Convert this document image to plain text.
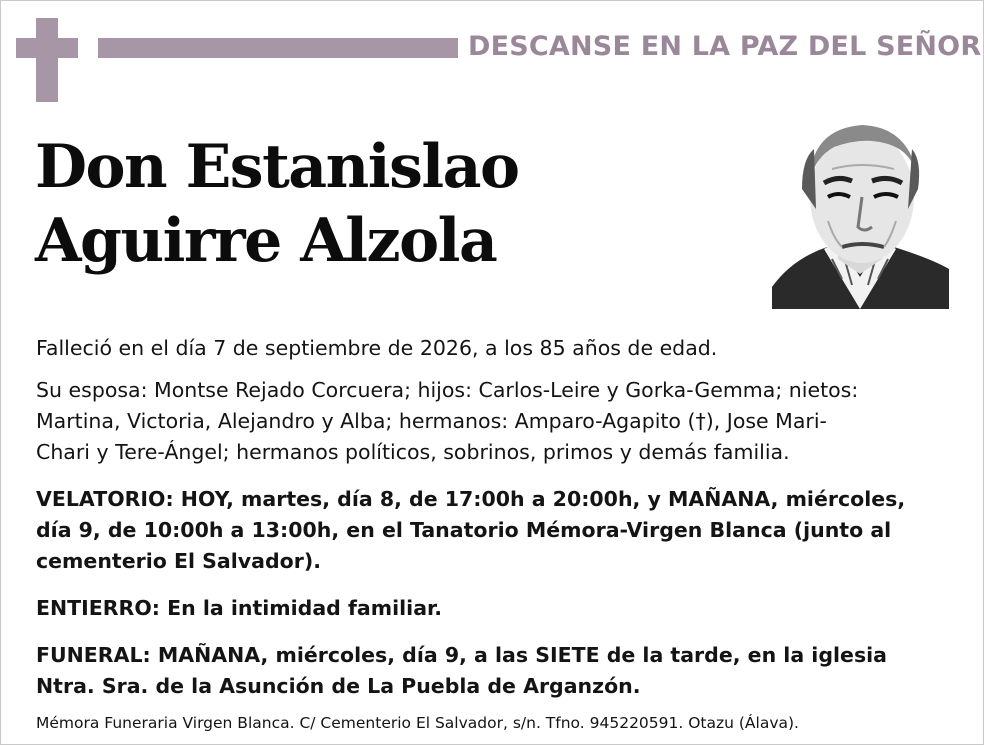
DESCANSE EN LA PAZ DEL SEÑOR
Don Estanislao
Aguirre Alzola
Falleció en el día 7 de septiembre de 2026, a los 85 años de edad.
Su esposa: Montse Rejado Corcuera; hijos: Carlos-Leire y Gorka-Gemma; nietos:
Martina, Victoria, Alejandro y Alba; hermanos: Amparo-Agapito (†), Jose Mari-
Chari y Tere-Ángel; hermanos políticos, sobrinos, primos y demás familia.
VELATORIO: HOY, martes, día 8, de 17:00h a 20:00h, y MAÑANA, miércoles,
día 9, de 10:00h a 13:00h, en el Tanatorio Mémora-Virgen Blanca (junto al
cementerio El Salvador).
ENTIERRO: En la intimidad familiar.
FUNERAL: MAÑANA, miércoles, día 9, a las SIETE de la tarde, en la iglesia
Ntra. Sra. de la Asunción de La Puebla de Arganzón.
Mémora Funeraria Virgen Blanca. C/ Cementerio El Salvador, s/n. Tfno. 945220591. Otazu (Álava).
